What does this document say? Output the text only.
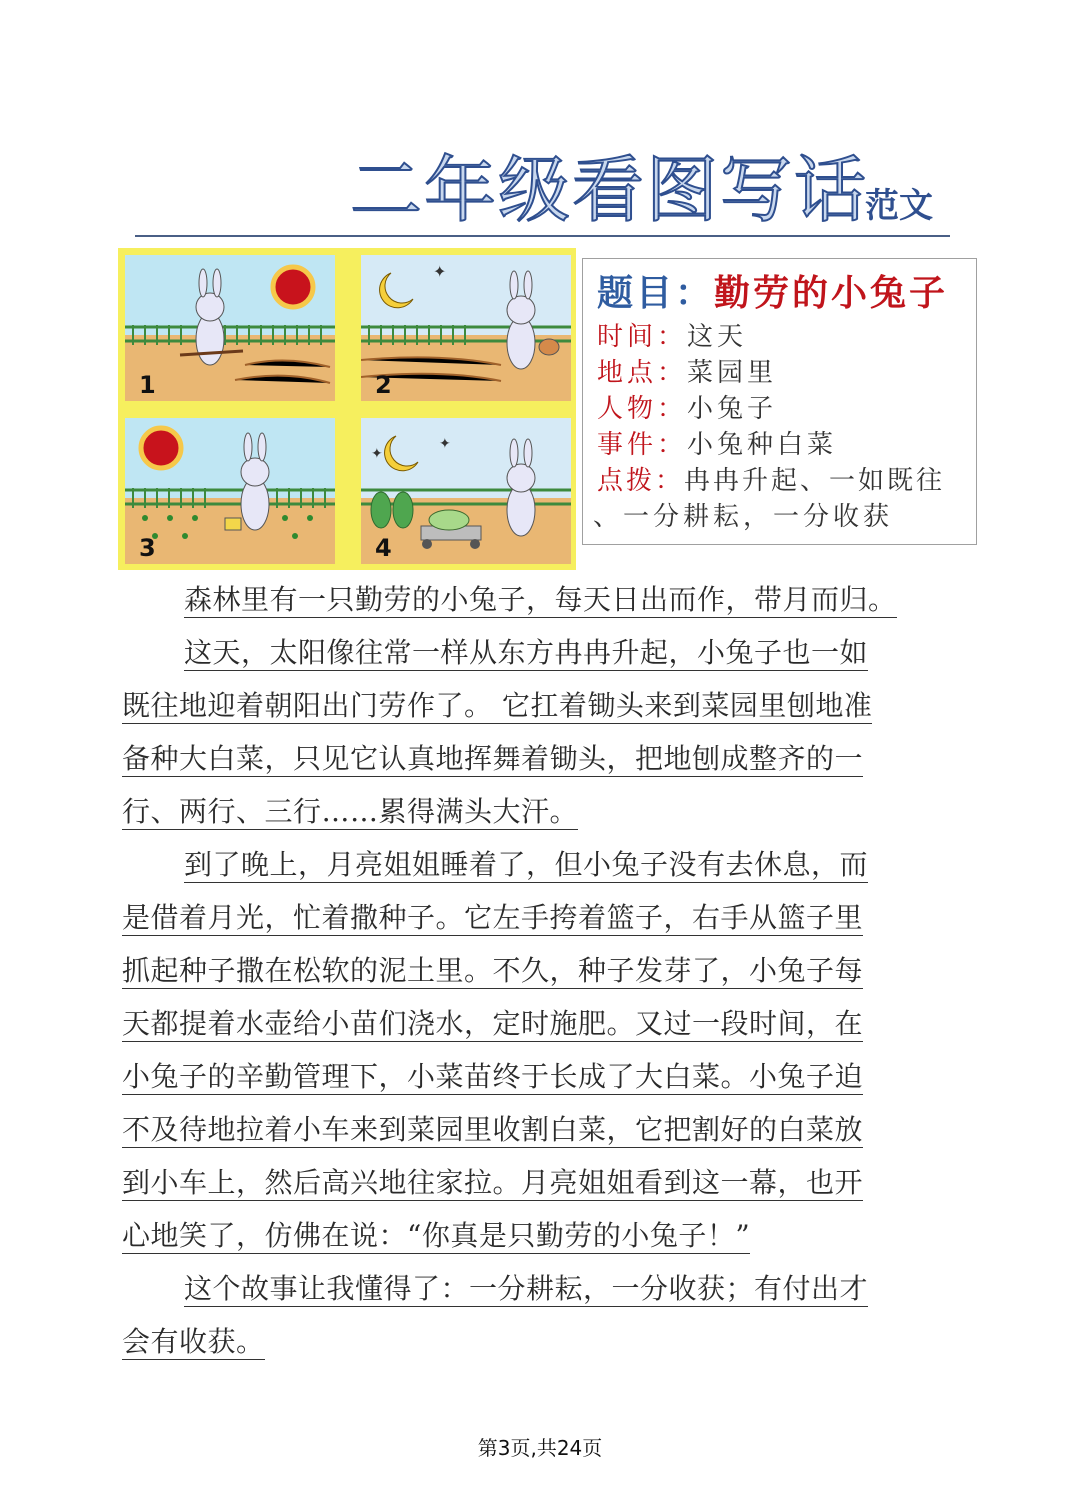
二年级看图写话
范文
1
✦
2
3
✦
✦
4
题目：勤劳的小兔子
时间：这天
地点：菜园里
人物：小兔子
事件：小兔种白菜
点拨：冉冉升起、一如既往
、一分耕耘，一分收获
森林里有一只勤劳的小兔子，每天日出而作，带月而归。
这天，太阳像往常一样从东方冉冉升起，小兔子也一如
既往地迎着朝阳出门劳作了。 它扛着锄头来到菜园里刨地准
备种大白菜，只见它认真地挥舞着锄头，把地刨成整齐的一
行、两行、三行……累得满头大汗。
到了晚上，月亮姐姐睡着了，但小兔子没有去休息，而
是借着月光，忙着撒种子。它左手挎着篮子，右手从篮子里
抓起种子撒在松软的泥土里。不久，种子发芽了，小兔子每
天都提着水壶给小苗们浇水，定时施肥。又过一段时间，在
小兔子的辛勤管理下，小菜苗终于长成了大白菜。小兔子迫
不及待地拉着小车来到菜园里收割白菜，它把割好的白菜放
到小车上，然后高兴地往家拉。月亮姐姐看到这一幕，也开
心地笑了，仿佛在说：“你真是只勤劳的小兔子！”
这个故事让我懂得了：一分耕耘，一分收获；有付出才
会有收获。
第3页,共24页
